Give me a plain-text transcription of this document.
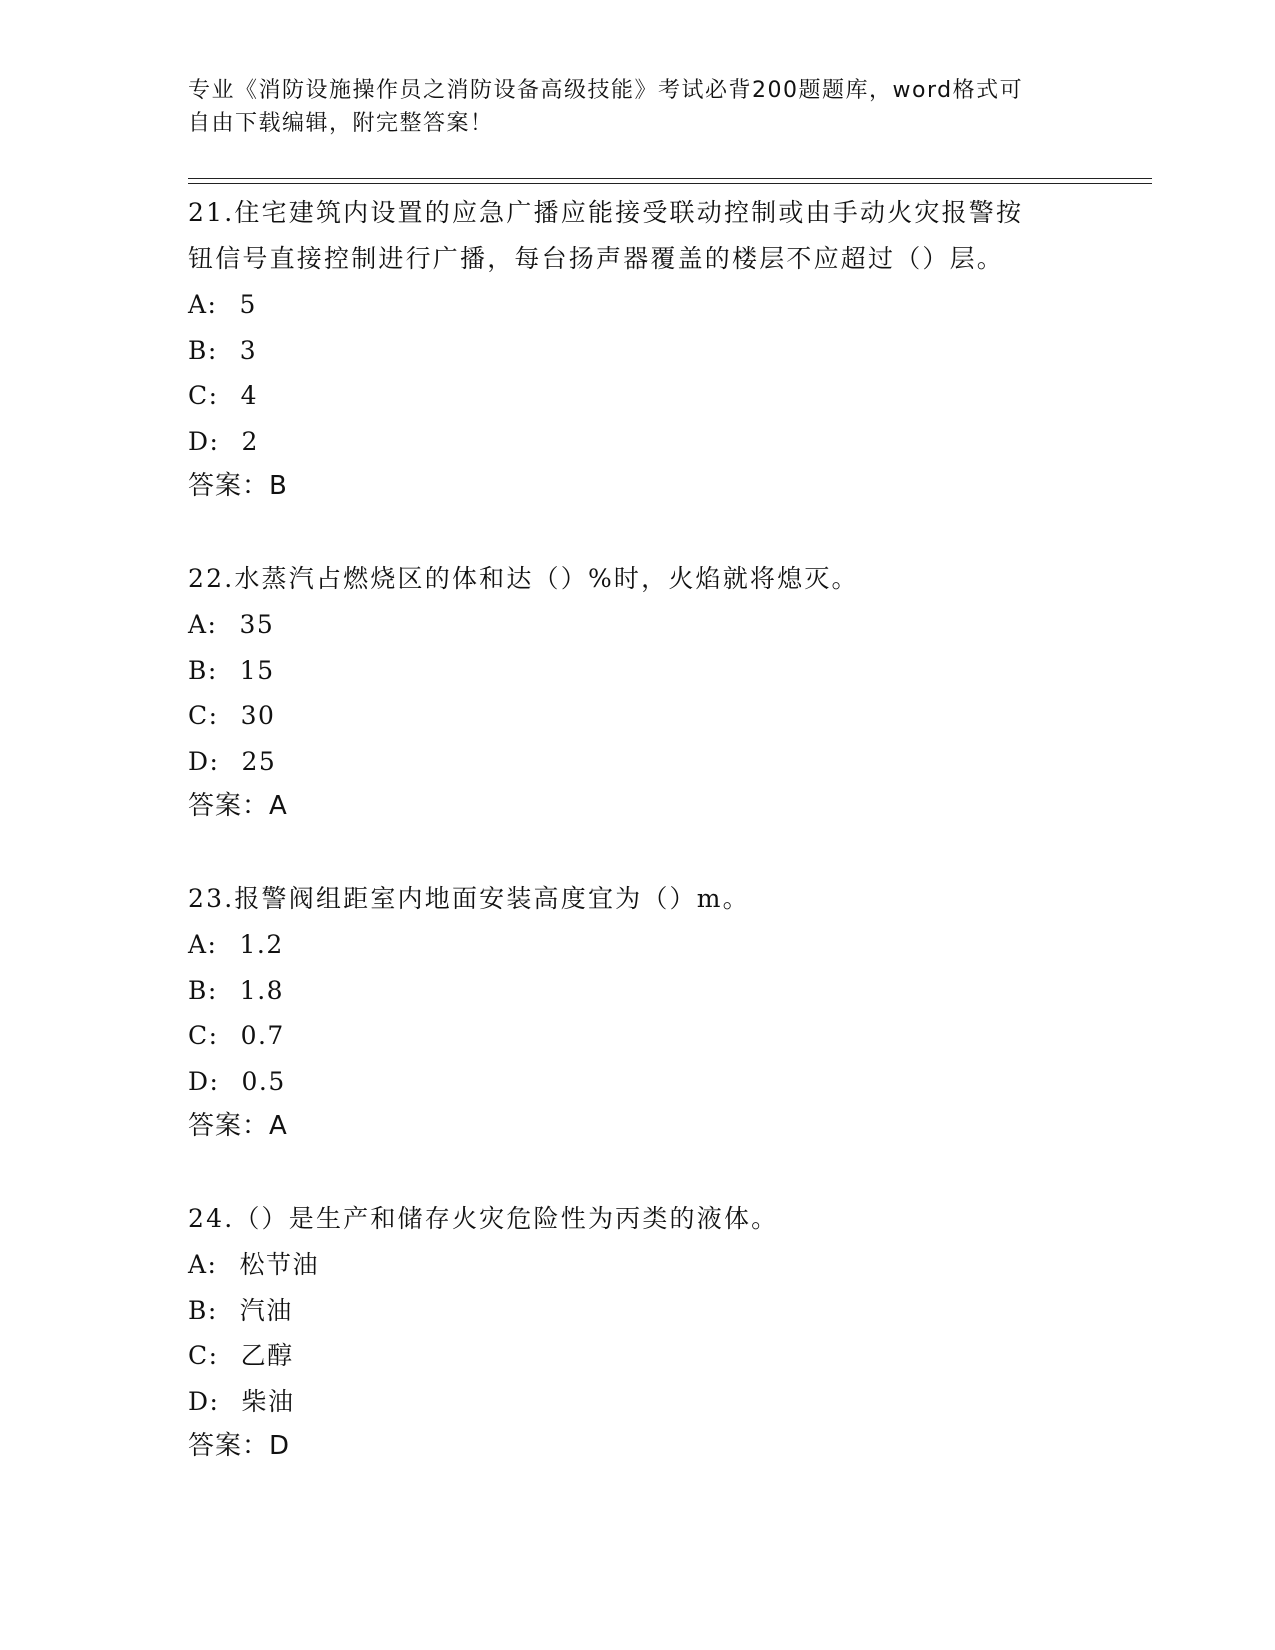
专业《消防设施操作员之消防设备高级技能》考试必背200题题库，word格式可
自由下载编辑，附完整答案！
21.住宅建筑内设置的应急广播应能接受联动控制或由手动火灾报警按
钮信号直接控制进行广播，每台扬声器覆盖的楼层不应超过（）层。
A: 5
B: 3
C: 4
D: 2
答案：B
22.水蒸汽占燃烧区的体和达（）%时，火焰就将熄灭。
A: 35
B: 15
C: 30
D: 25
答案：A
23.报警阀组距室内地面安装高度宜为（）m。
A: 1.2
B: 1.8
C: 0.7
D: 0.5
答案：A
24.（）是生产和储存火灾危险性为丙类的液体。
A: 松节油
B: 汽油
C: 乙醇
D: 柴油
答案：D
